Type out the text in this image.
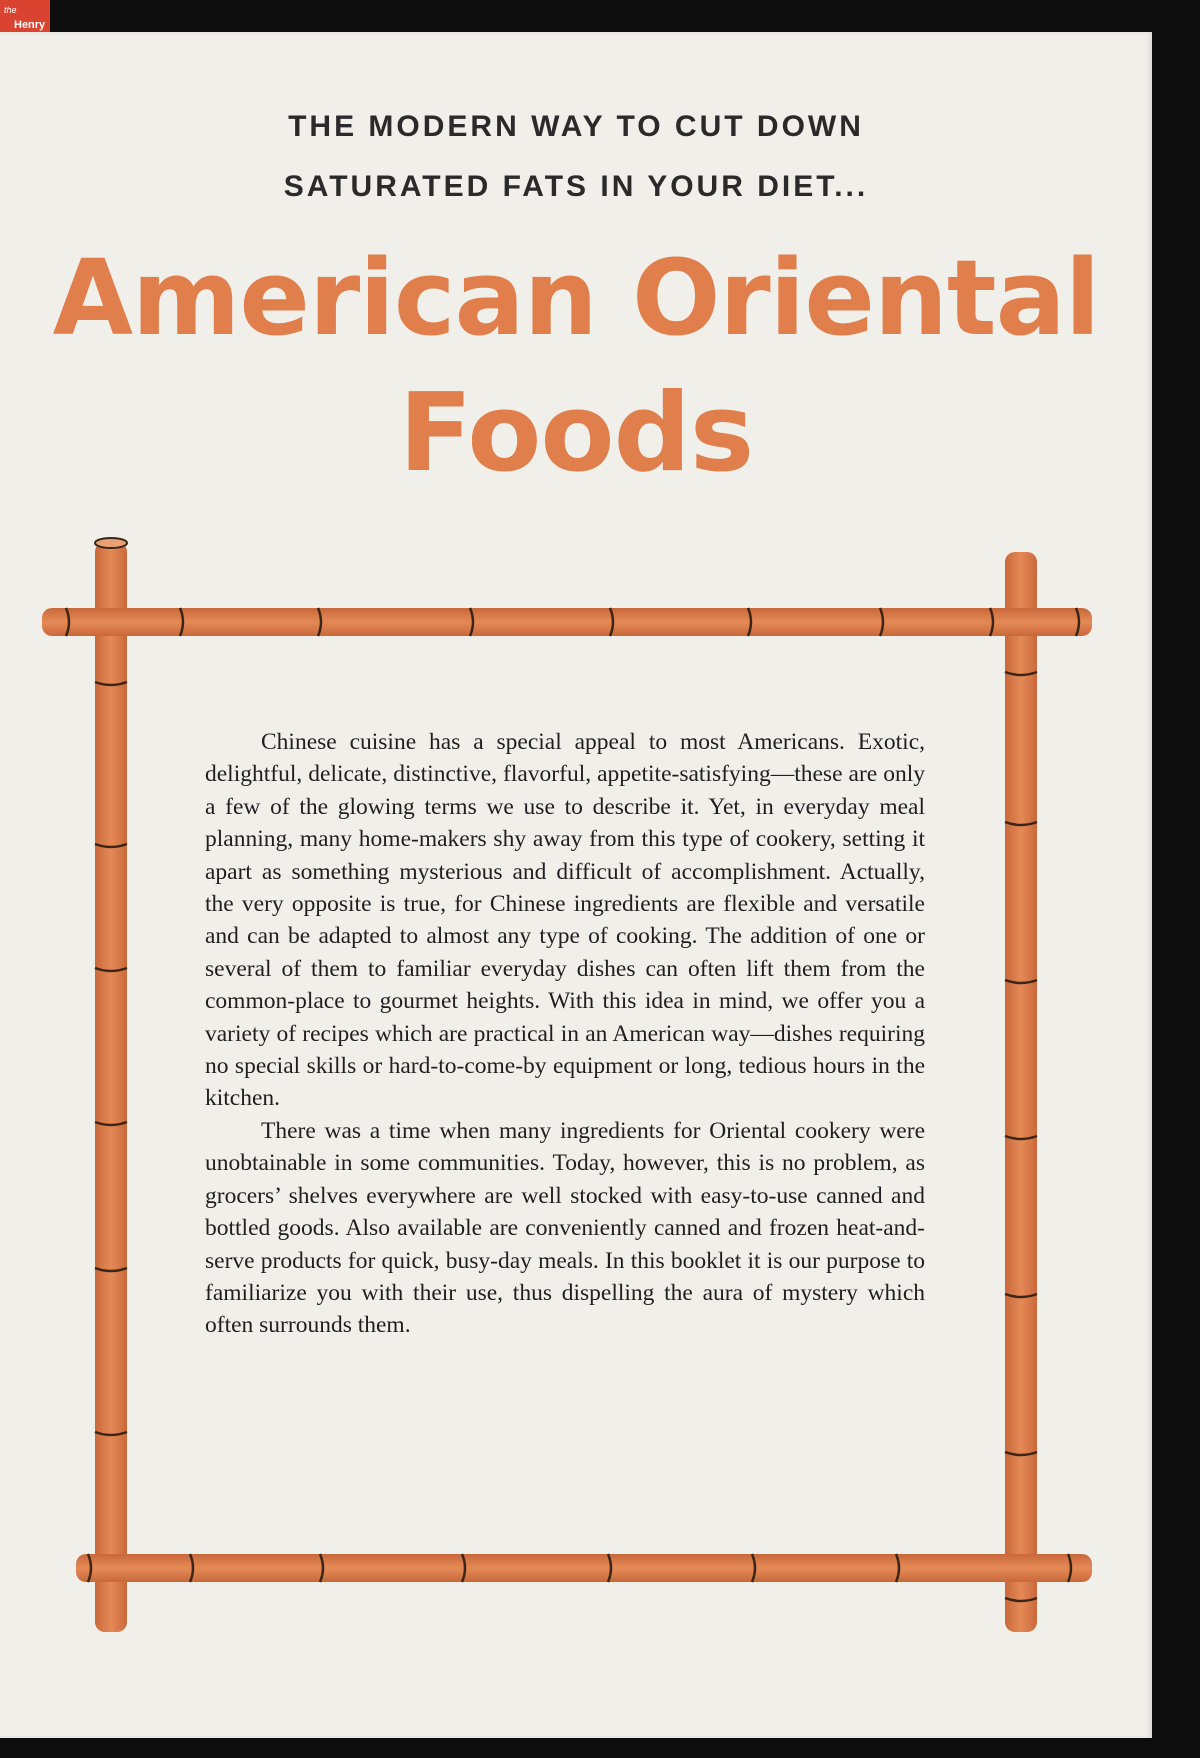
the
Henry
THE MODERN WAY TO CUT DOWN
SATURATED FATS IN YOUR DIET...
American Oriental
Foods

Chinese cuisine has a special appeal to most Americans. Exotic, delightful, delicate, distinctive, flavorful, appetite-satisfying—these are only a few of the glowing terms we use to describe it. Yet, in everyday meal planning, many home-makers shy away from this type of cookery, setting it apart as something mysterious and difficult of accomplishment. Actually, the very opposite is true, for Chinese ingredients are flexible and versatile and can be adapted to almost any type of cooking. The addition of one or several of them to familiar everyday dishes can often lift them from the common-place to gourmet heights. With this idea in mind, we offer you a variety of recipes which are practical in an American way—dishes requiring no special skills or hard-to-come-by equipment or long, tedious hours in the kitchen.

There was a time when many ingredients for Oriental cookery were unobtainable in some communities. Today, however, this is no problem, as grocers’ shelves everywhere are well stocked with easy-to-use canned and bottled goods. Also available are conveniently canned and frozen heat-and-serve products for quick, busy-day meals. In this booklet it is our purpose to familiarize you with their use, thus dispelling the aura of mystery which often surrounds them.
